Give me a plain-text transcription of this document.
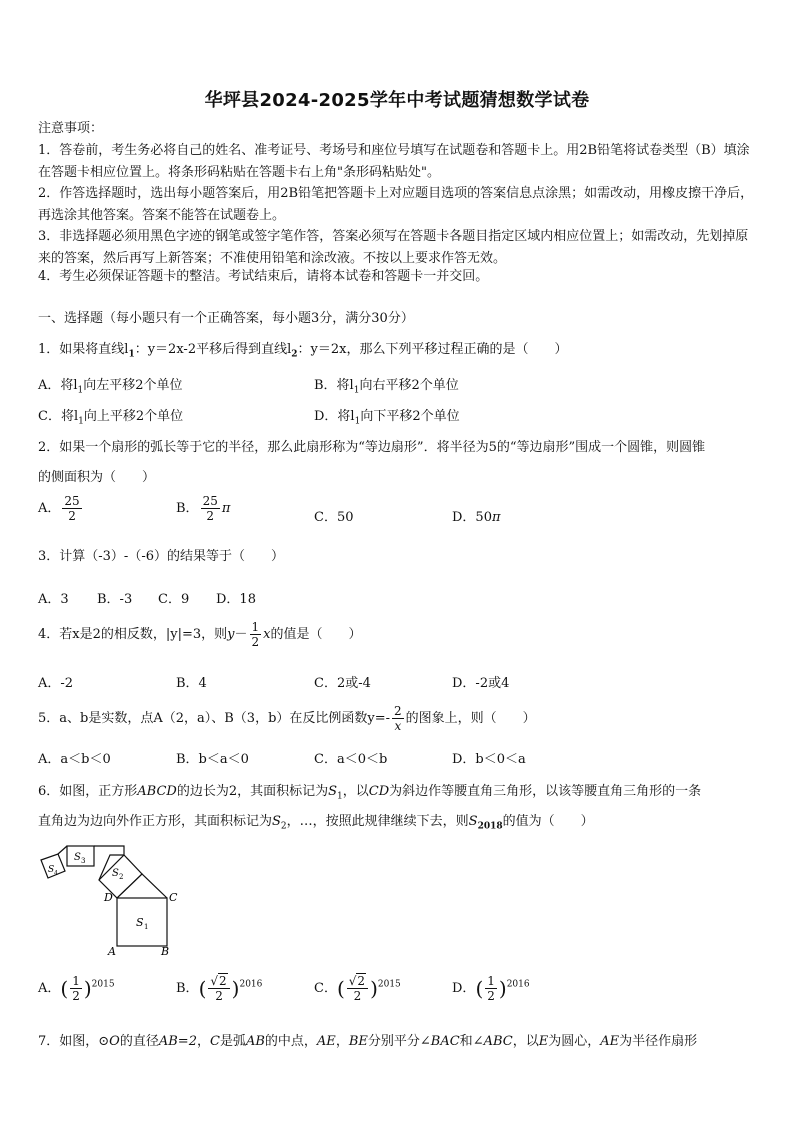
华坪县2024-2025学年中考试题猜想数学试卷
注意事项：
1．答卷前，考生务必将自己的姓名、准考证号、考场号和座位号填写在试题卷和答题卡上。用2B铅笔将试卷类型（B）填涂在答题卡相应位置上。将条形码粘贴在答题卡右上角"条形码粘贴处"。
2．作答选择题时，选出每小题答案后，用2B铅笔把答题卡上对应题目选项的答案信息点涂黑；如需改动，用橡皮擦干净后，再选涂其他答案。答案不能答在试题卷上。
3．非选择题必须用黑色字迹的钢笔或签字笔作答，答案必须写在答题卡各题目指定区域内相应位置上；如需改动，先划掉原来的答案，然后再写上新答案；不准使用铅笔和涂改液。不按以上要求作答无效。
4．考生必须保证答题卡的整洁。考试结束后，请将本试卷和答题卡一并交回。
一、选择题（每小题只有一个正确答案，每小题3分，满分30分）
1．如果将直线$l_1$：y＝2x-2平移后得到直线$l_2$：y＝2x，那么下列平移过程正确的是（　　）
A．将$l_1$向左平移2个单位	B．将$l_1$向右平移2个单位
C．将$l_1$向上平移2个单位	D．将$l_1$向下平移2个单位
2．如果一个扇形的弧长等于它的半径，那么此扇形称为“等边扇形”．将半径为5的“等边扇形”围成一个圆锥，则圆锥
的侧面积为（　　）
A． $\frac{25}{2}$	B． $\frac{25}{2}$ π
C．50	D．50π
3．计算（-3）-（-6）的结果等于（　　）
A．3 B．-3 C．9 D．18
4．若x是2的相反数，|y|=3，则$y- \frac{1}{2}$ x的值是（　　）
A．-2	B．4	C．2或-4	D．-2或4
5．a、b是实数，点A（2，a）、B（3，b）在反比例函数$y=- \frac{2}{x}$ 的图象上，则（　　）
A．a＜b＜0	B．b＜a＜0	C．a＜0＜b	D．b＜0＜a
6．如图，正方形ABCD的边长为2，其面积标记为$S_1$，以CD为斜边作等腰直角三角形，以该等腰直角三角形的一条
直角边为边向外作正方形，其面积标记为$S_2$，…，按照此规律继续下去，则$S_{2018}$的值为（　　）
S 1
S 2
S 3
S 4
D	C
A	B
A．( $\frac{1}{2} )^{2015}$	B．( $\frac{√2}{2} )^{2016}$	C．( $\frac{√2}{2} )^{2015}$	D．( $\frac{1}{2} )^{2016}$
7．如图，⊙O的直径AB=2，C是弧AB的中点，AE，BE分别平分∠BAC和∠ABC，以E为圆心，AE为半径作扇形
